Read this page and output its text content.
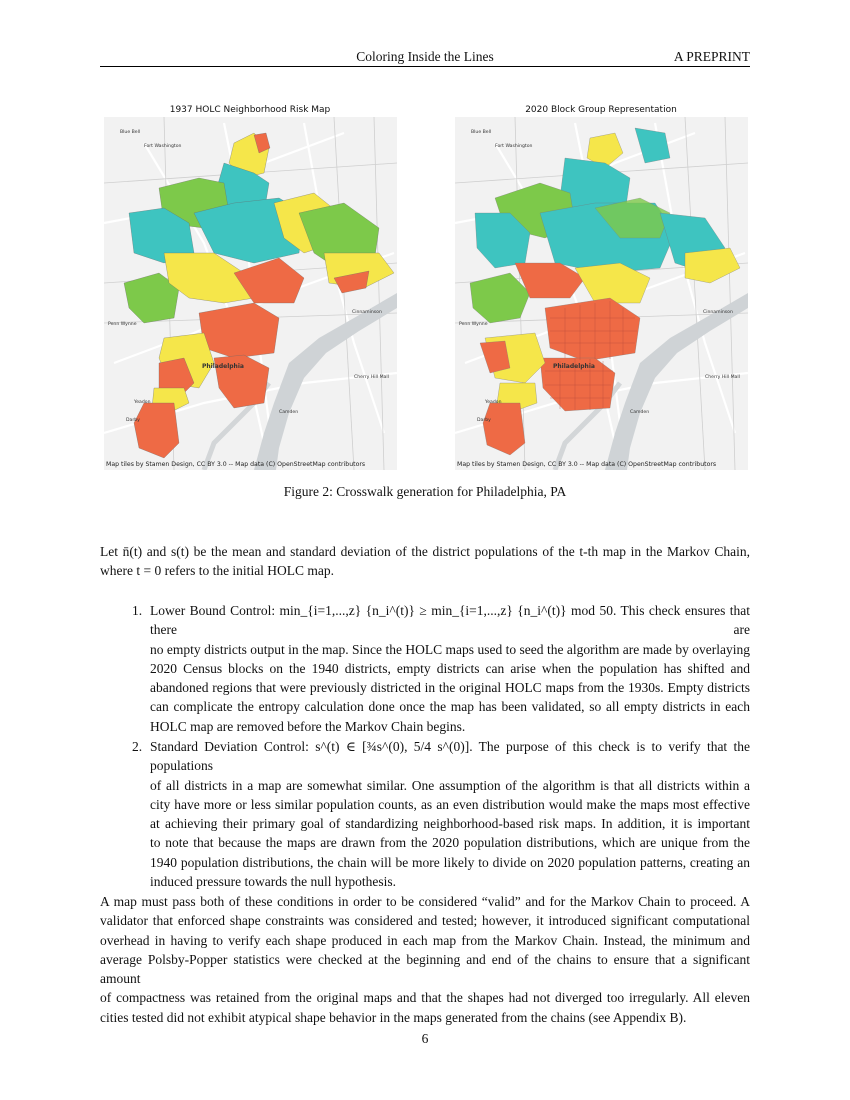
Coloring Inside the Lines	A PREPRINT
1937 HOLC Neighborhood Risk Map
Blue Bell
Fort Washington
Penn Wynne
Philadelphia
Yeadon
Darby
Camden
Cherry Hill Mall
Cinnaminson
Map tiles by Stamen Design, CC BY 3.0 -- Map data (C) OpenStreetMap contributors
2020 Block Group Representation
Blue Bell
Fort Washington
Penn Wynne
Philadelphia
Yeadon
Darby
Camden
Cherry Hill Mall
Cinnaminson
Map tiles by Stamen Design, CC BY 3.0 -- Map data (C) OpenStreetMap contributors
Figure 2: Crosswalk generation for Philadelphia, PA
Let n̄(t) and s(t) be the mean and standard deviation of the district populations of the t-th map in the Markov Chain,
where t = 0 refers to the initial HOLC map.
1. Lower Bound Control: min_{i=1,...,z} {n_i^(t)} ≥ min_{i=1,...,z} {n_i^(t)} mod 50. This check ensures that there are
no empty districts output in the map. Since the HOLC maps used to seed the algorithm are made by overlaying
2020 Census blocks on the 1940 districts, empty districts can arise when the population has shifted and
abandoned regions that were previously districted in the original HOLC maps from the 1930s. Empty districts
can complicate the entropy calculation done once the map has been validated, so all empty districts in each
HOLC map are removed before the Markov Chain begins.
2. Standard Deviation Control: s^(t) ∈ [¾s^(0), 5/4 s^(0)]. The purpose of this check is to verify that the populations
of all districts in a map are somewhat similar. One assumption of the algorithm is that all districts within a
city have more or less similar population counts, as an even distribution would make the maps most effective
at achieving their primary goal of standardizing neighborhood-based risk maps. In addition, it is important
to note that because the maps are drawn from the 2020 population distributions, which are unique from the
1940 population distributions, the chain will be more likely to divide on 2020 population patterns, creating an
induced pressure towards the null hypothesis.
A map must pass both of these conditions in order to be considered “valid” and for the Markov Chain to proceed. A
validator that enforced shape constraints was considered and tested; however, it introduced significant computational
overhead in having to verify each shape produced in each map from the Markov Chain. Instead, the minimum and
average Polsby-Popper statistics were checked at the beginning and end of the chains to ensure that a significant amount
of compactness was retained from the original maps and that the shapes had not diverged too irregularly. All eleven
cities tested did not exhibit atypical shape behavior in the maps generated from the chains (see Appendix B).
6
